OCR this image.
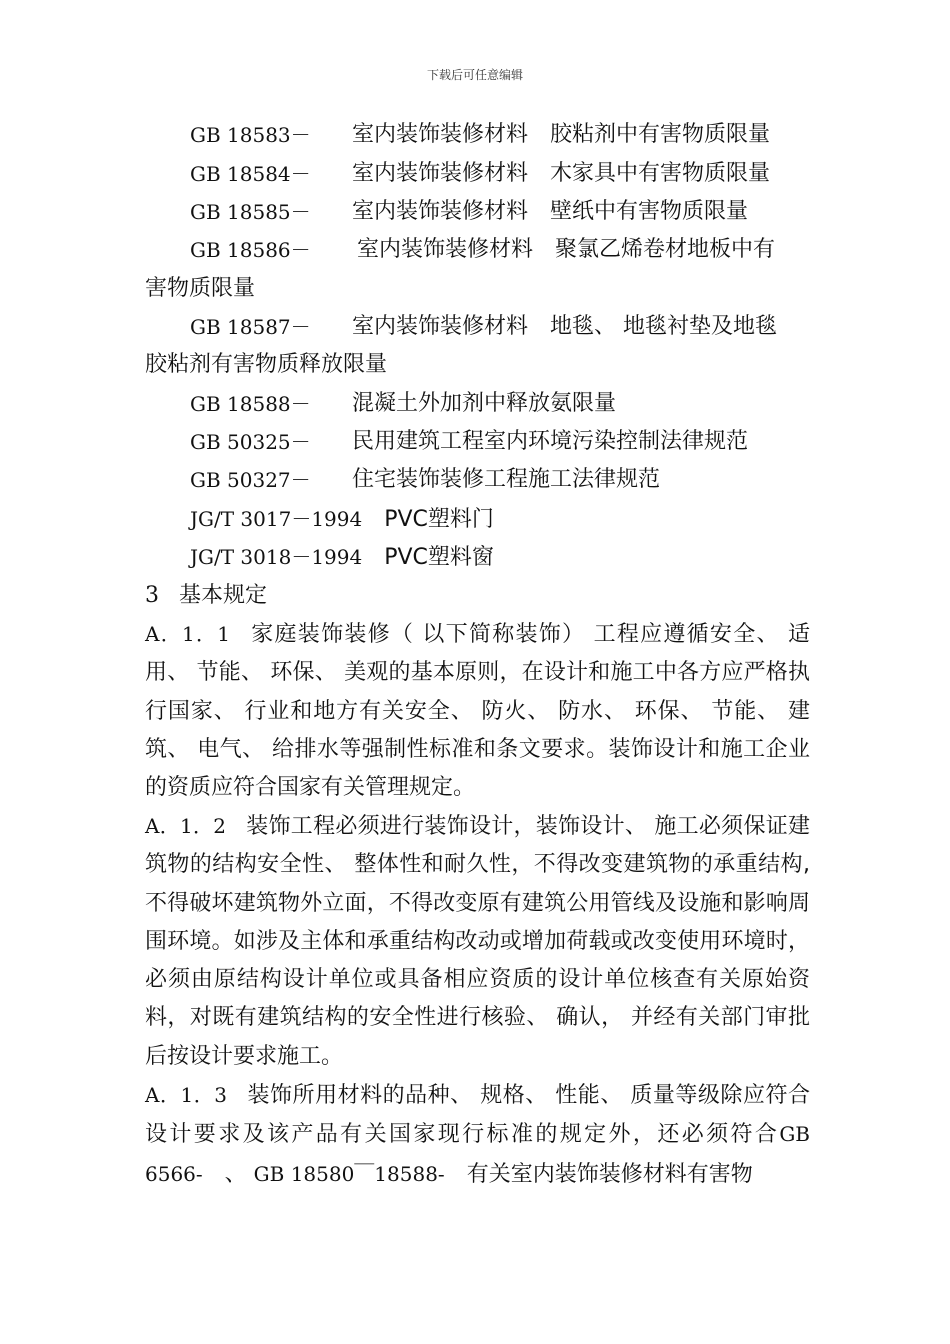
下载后可任意编辑
GB 18583－ 室内装饰装修材料　胶粘剂中有害物质限量
GB 18584－ 室内装饰装修材料　木家具中有害物质限量
GB 18585－ 室内装饰装修材料　壁纸中有害物质限量
GB 18586－ 室内装饰装修材料　聚氯乙烯卷材地板中有
害物质限量
GB 18587－ 室内装饰装修材料　地毯、 地毯衬垫及地毯
胶粘剂有害物质释放限量
GB 18588－ 混凝土外加剂中释放氨限量
GB 50325－ 民用建筑工程室内环境污染控制法律规范
GB 50327－ 住宅装饰装修工程施工法律规范
JG/T 3017－1994 PVC塑料门
JG/T 3018－1994 PVC塑料窗
3 基本规定
A．1．1 家庭装饰装修（ 以下简称装饰） 工程应遵循安全、 适用、 节能、 环保、 美观的基本原则，在设计和施工中各方应严格执行国家、 行业和地方有关安全、 防火、 防水、 环保、 节能、 建筑、 电气、 给排水等强制性标准和条文要求。装饰设计和施工企业的资质应符合国家有关管理规定。
A．1．2 装饰工程必须进行装饰设计，装饰设计、 施工必须保证建筑物的结构安全性、 整体性和耐久性，不得改变建筑物的承重结构,不得破坏建筑物外立面，不得改变原有建筑公用管线及设施和影响周围环境。如涉及主体和承重结构改动或增加荷载或改变使用环境时，必须由原结构设计单位或具备相应资质的设计单位核查有关原始资料，对既有建筑结构的安全性进行核验、 确认， 并经有关部门审批后按设计要求施工。
A．1．3 装饰所用材料的品种、 规格、 性能、 质量等级除应符合设计要求及该产品有关国家现行标准的规定外，还必须符合GB 6566-　、 GB 18580￣18588-　有关室内装饰装修材料有害物
